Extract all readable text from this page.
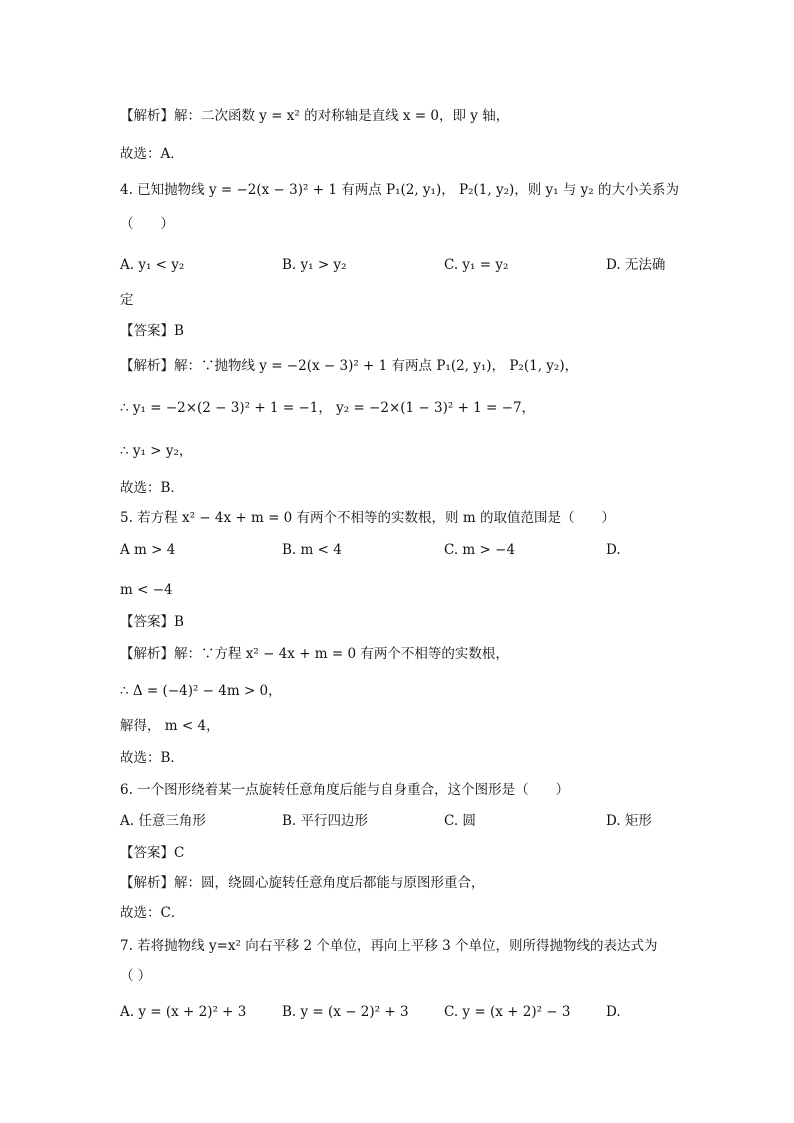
【解析】解：二次函数 y = x² 的对称轴是直线 x = 0，即 y 轴，
故选：A．
4. 已知抛物线 y = −2(x − 3)² + 1 有两点 P₁(2, y₁)， P₂(1, y₂)，则 y₁ 与 y₂ 的大小关系为
（　　）
A. y₁ < y₂	B. y₁ > y₂	C. y₁ = y₂	D. 无法确
定
【答案】B
【解析】解：∵抛物线 y = −2(x − 3)² + 1 有两点 P₁(2, y₁)， P₂(1, y₂)，
∴ y₁ = −2×(2 − 3)² + 1 = −1， y₂ = −2×(1 − 3)² + 1 = −7，
∴ y₁ > y₂，
故选：B．
5. 若方程 x² − 4x + m = 0 有两个不相等的实数根，则 m 的取值范围是（　　）
A m > 4	B. m < 4	C. m > −4	D.
m < −4
【答案】B
【解析】解：∵方程 x² − 4x + m = 0 有两个不相等的实数根，
∴ Δ = (−4)² − 4m > 0，
解得， m < 4，
故选：B．
6. 一个图形绕着某一点旋转任意角度后能与自身重合，这个图形是（　　）
A. 任意三角形	B. 平行四边形	C. 圆	D. 矩形
【答案】C
【解析】解：圆，绕圆心旋转任意角度后都能与原图形重合，
故选：C．
7. 若将抛物线 y=x² 向右平移 2 个单位，再向上平移 3 个单位，则所得抛物线的表达式为
（ ）
A. y = (x + 2)² + 3	B. y = (x − 2)² + 3	C. y = (x + 2)² − 3	D.
